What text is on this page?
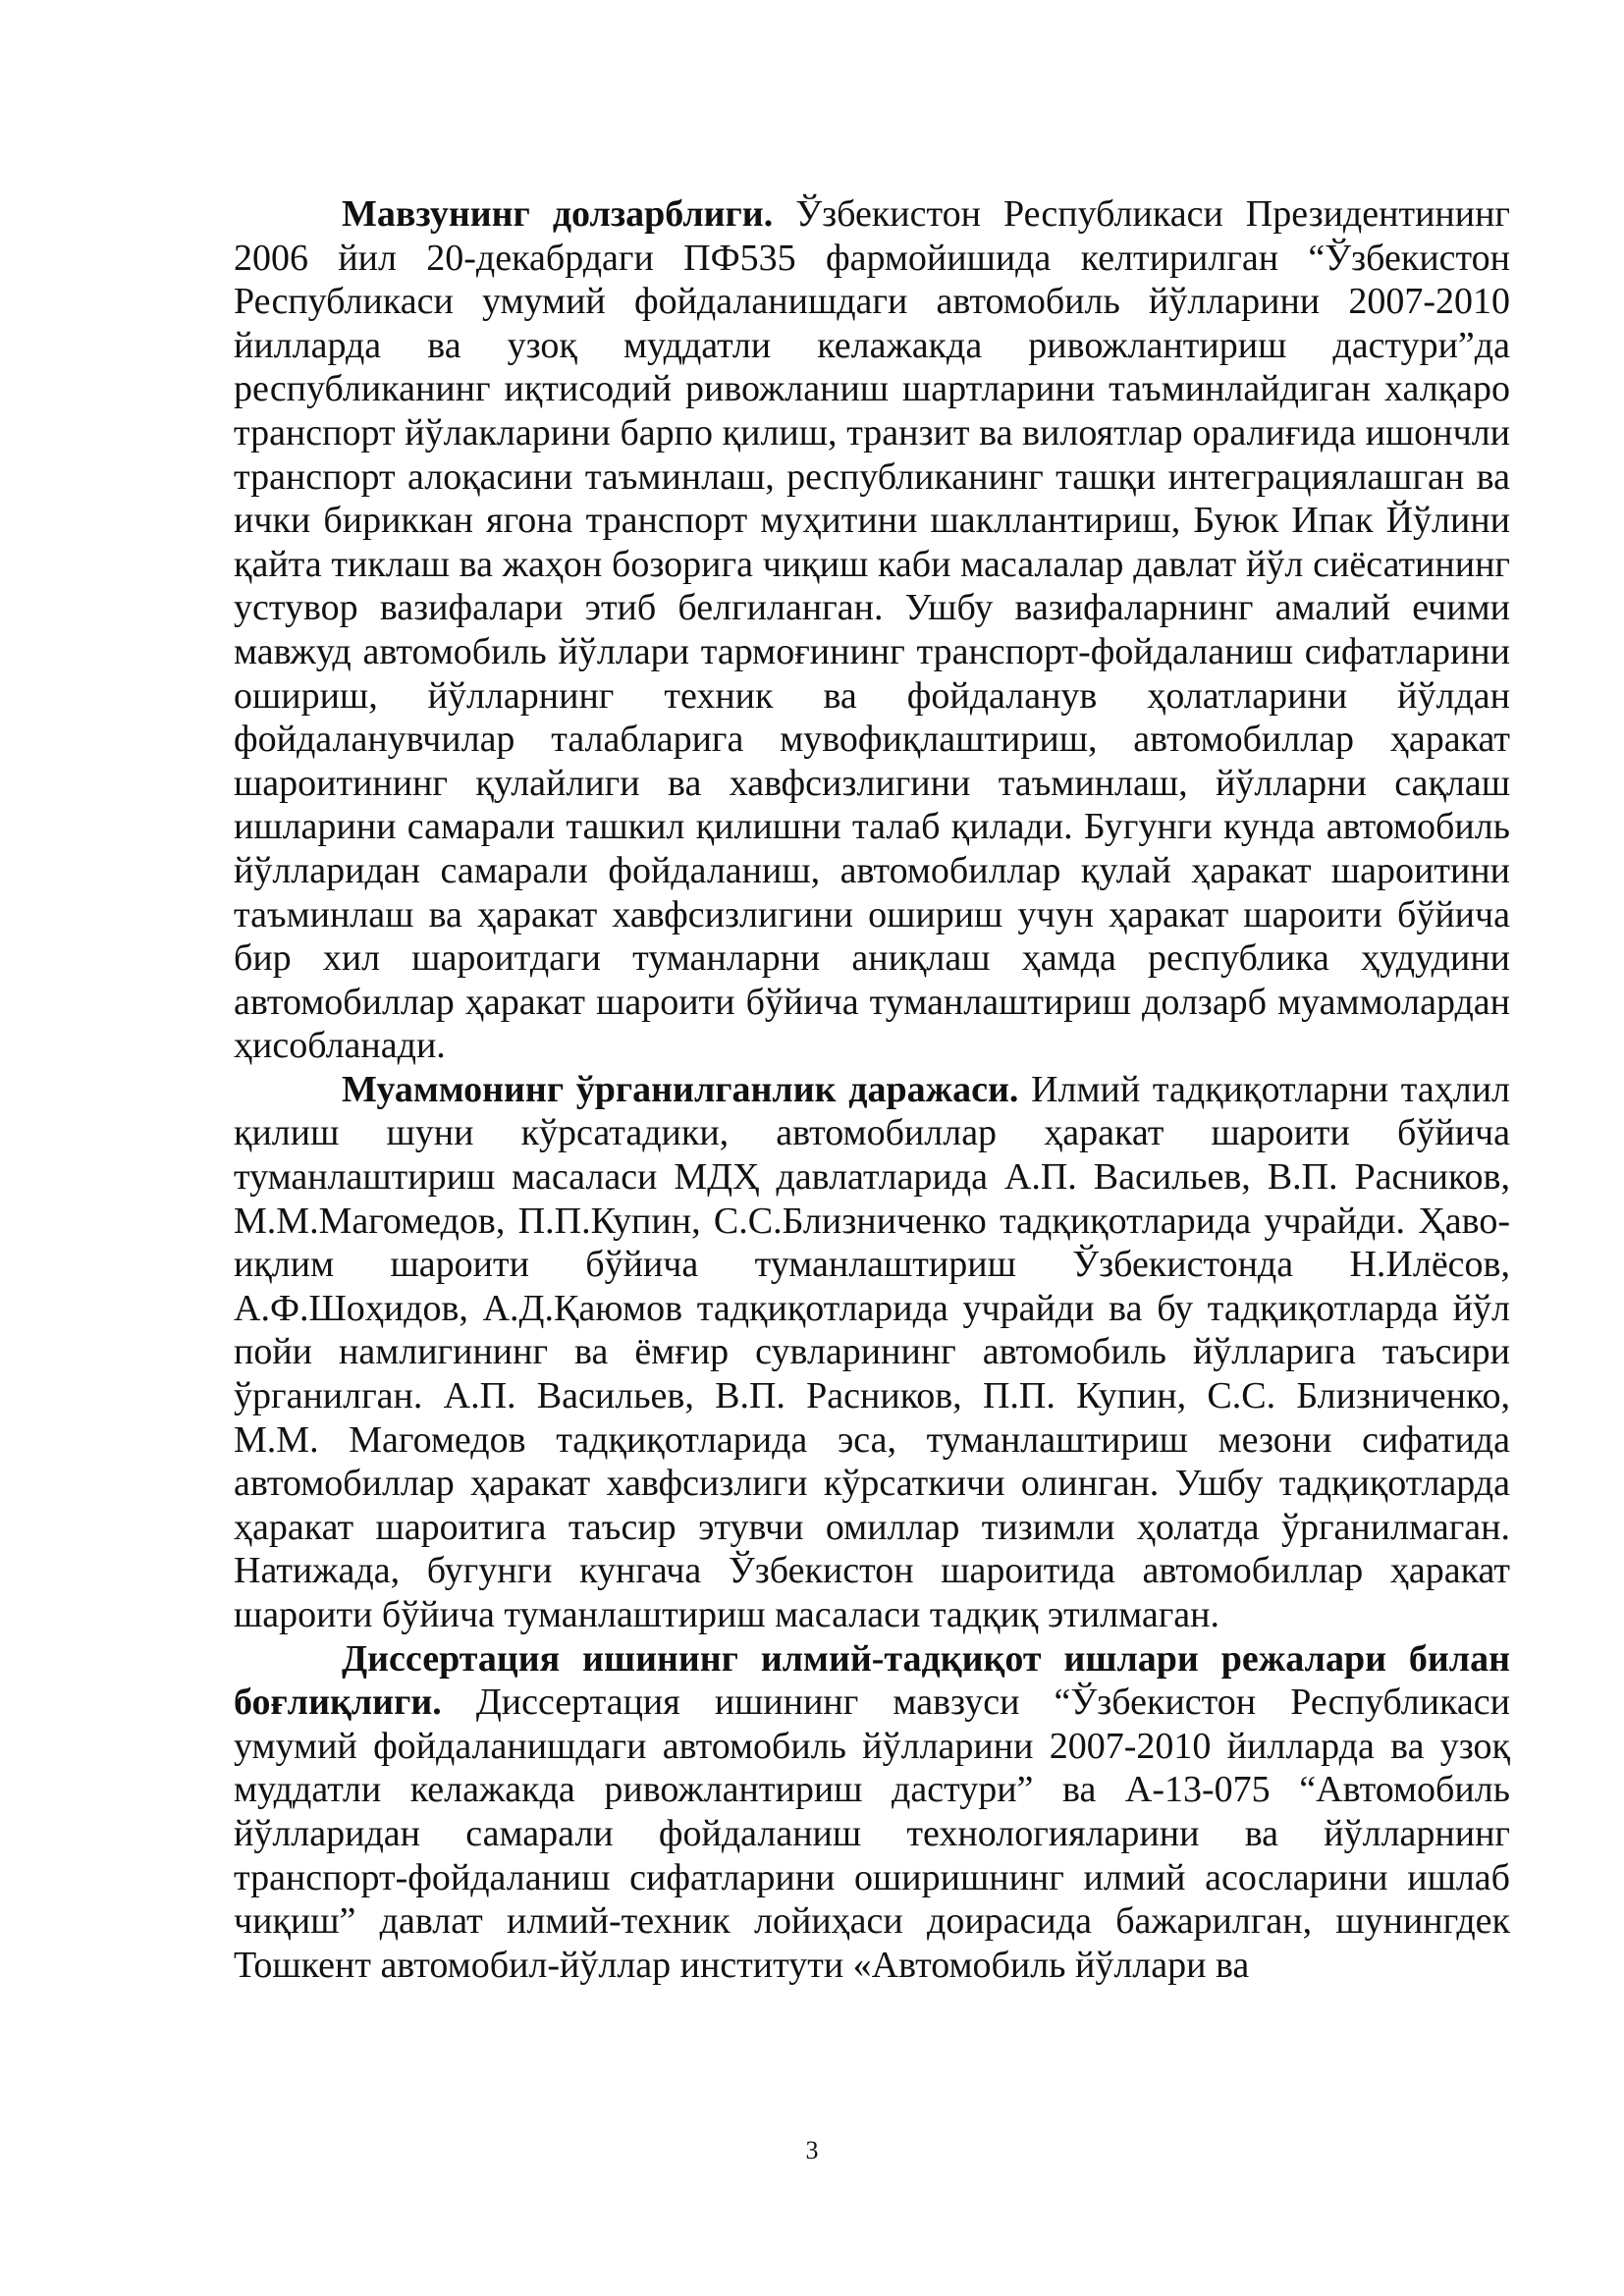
Мавзунинг долзарблиги. Ўзбекистон Республикаси Президентининг 2006 йил 20-декабрдаги ПФ535 фармойишида келтирилган “Ўзбекистон Республикаси умумий фойдаланишдаги автомобиль йўлларини 2007-2010 йилларда ва узоқ муддатли келажакда ривожлантириш дастури”да республиканинг иқтисодий ривожланиш шартларини таъминлайдиган халқаро транспорт йўлакларини барпо қилиш, транзит ва вилоятлар оралиғида ишончли транспорт алоқасини таъминлаш, республиканинг ташқи интеграциялашган ва ички бириккан ягона транспорт муҳитини шакллантириш, Буюк Ипак Йўлини қайта тиклаш ва жаҳон бозорига чиқиш каби масалалар давлат йўл сиёсатининг устувор вазифалари этиб белгиланган. Ушбу вазифаларнинг амалий ечими мавжуд автомобиль йўллари тармоғининг транспорт-фойдаланиш сифатларини ошириш, йўлларнинг техник ва фойдаланув ҳолатларини йўлдан фойдаланувчилар талабларига мувофиқлаштириш, автомобиллар ҳаракат шароитининг қулайлиги ва хавфсизлигини таъминлаш, йўлларни сақлаш ишларини самарали ташкил қилишни талаб қилади. Бугунги кунда автомобиль йўлларидан самарали фойдаланиш, автомобиллар қулай ҳаракат шароитини таъминлаш ва ҳаракат хавфсизлигини ошириш учун ҳаракат шароити бўйича бир хил шароитдаги туманларни аниқлаш ҳамда республика ҳудудини автомобиллар ҳаракат шароити бўйича туманлаштириш долзарб муаммолардан ҳисобланади.

Муаммонинг ўрганилганлик даражаси. Илмий тадқиқотларни таҳлил қилиш шуни кўрсатадики, автомобиллар ҳаракат шароити бўйича туманлаштириш масаласи МДҲ давлатларида А.П. Васильев, В.П. Расников, М.М.Магомедов, П.П.Купин, С.С.Близниченко тадқиқотларида учрайди. Ҳаво-иқлим шароити бўйича туманлаштириш Ўзбекистонда Н.Илёсов, А.Ф.Шоҳидов, А.Д.Қаюмов тадқиқотларида учрайди ва бу тадқиқотларда йўл пойи намлигининг ва ёмғир сувларининг автомобиль йўлларига таъсири ўрганилган. А.П. Васильев, В.П. Расников, П.П. Купин, С.С. Близниченко, М.М. Магомедов тадқиқотларида эса, туманлаштириш мезони сифатида автомобиллар ҳаракат хавфсизлиги кўрсаткичи олинган. Ушбу тадқиқотларда ҳаракат шароитига таъсир этувчи омиллар тизимли ҳолатда ўрганилмаган. Натижада, бугунги кунгача Ўзбекистон шароитида автомобиллар ҳаракат шароити бўйича туманлаштириш масаласи тадқиқ этилмаган.

Диссертация ишининг илмий-тадқиқот ишлари режалари билан боғлиқлиги. Диссертация ишининг мавзуси “Ўзбекистон Республикаси умумий фойдаланишдаги автомобиль йўлларини 2007-2010 йилларда ва узоқ муддатли келажакда ривожлантириш дастури” ва А-13-075 “Автомобиль йўлларидан самарали фойдаланиш технологияларини ва йўлларнинг транспорт-фойдаланиш сифатларини оширишнинг илмий асосларини ишлаб чиқиш” давлат илмий-техник лойиҳаси доирасида бажарилган, шунингдек Тошкент автомобил-йўллар институти «Автомобиль йўллари ва

3
